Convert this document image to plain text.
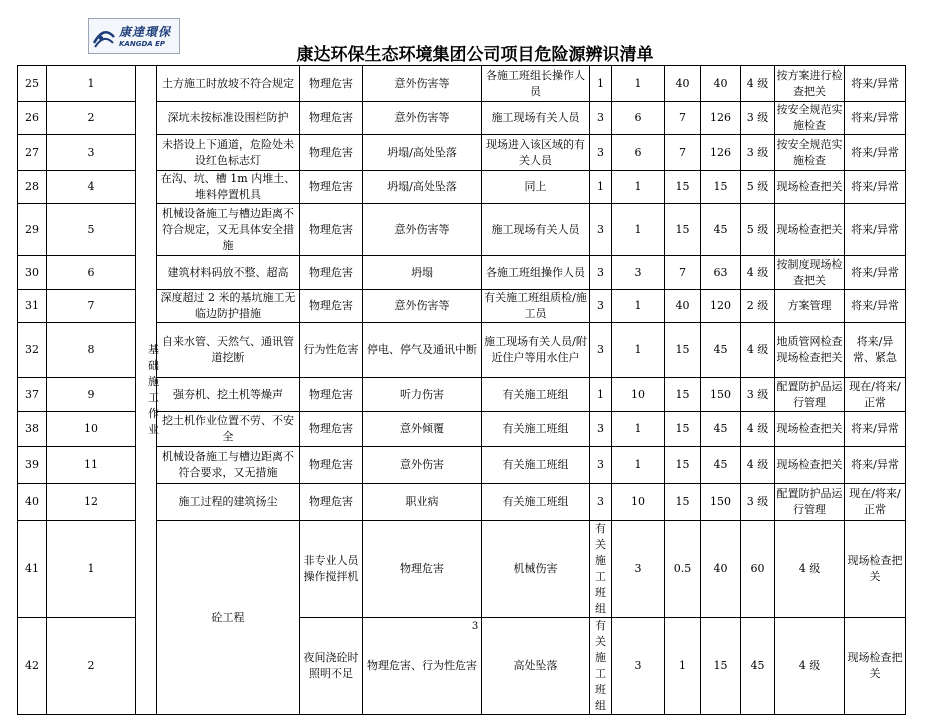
康達環保
KANGDA EP
康达环保生态环境集团公司项目危险源辨识清单
25	1	基础施工作业	土方施工时放坡不符合规定	物理危害	意外伤害等	各施工班组长操作人员	1	1	40	40	4 级	按方案进行检查把关	将来/异常	
26	2		深坑未按标准设围栏防护	物理危害	意外伤害等	施工现场有关人员	3	6	7	126	3 级	按安全规范实施检查	将来/异常	
27	3		未搭设上下通道，危险处未设红色标志灯	物理危害	坍塌/高处坠落	现场进入该区域的有关人员	3	6	7	126	3 级	按安全规范实施检查	将来/异常	
28	4		在沟、坑、槽 1m 内堆土、堆料停置机具	物理危害	坍塌/高处坠落	同上	1	1	15	15	5 级	现场检查把关	将来/异常	
29	5		机械设备施工与槽边距离不符合规定，又无具体安全措施	物理危害	意外伤害等	施工现场有关人员	3	1	15	45	5 级	现场检查把关	将来/异常	
30	6		建筑材料码放不整、超高	物理危害	坍塌	各施工班组操作人员	3	3	7	63	4 级	按制度现场检查把关	将来/异常	
31	7		深度超过 2 米的基坑施工无临边防护措施	物理危害	意外伤害等	有关施工班组质检/施工员	3	1	40	120	2 级	方案管理	将来/异常	
32	8		自来水管、天然气、通讯管道挖断	行为性危害	停电、停气及通讯中断	施工现场有关人员/附近住户等用水住户	3	1	15	45	4 级	地质管网检查现场检查把关	将来/异常、紧急	
37	9		强夯机、挖土机等燥声	物理危害	听力伤害	有关施工班组	1	10	15	150	3 级	配置防护品运行管理	现在/将来/正常	
38	10		挖土机作业位置不劳、不安全	物理危害	意外倾覆	有关施工班组	3	1	15	45	4 级	现场检查把关	将来/异常	
39	11		机械设备施工与槽边距离不符合要求，又无措施	物理危害	意外伤害	有关施工班组	3	1	15	45	4 级	现场检查把关	将来/异常	
40	12		施工过程的建筑扬尘	物理危害	职业病	有关施工班组	3	10	15	150	3 级	配置防护品运行管理	现在/将来/正常	
41	1		砼工程	非专业人员操作搅拌机	物理危害	机械伤害	有关施工班组	3	0.5	40	60	4 级	现场检查把关	
42	2			夜间浇砼时照明不足	物理危害、行为性危害	高处坠落	有关施工班组	3	1	15	45	4 级	现场检查把关	
3
